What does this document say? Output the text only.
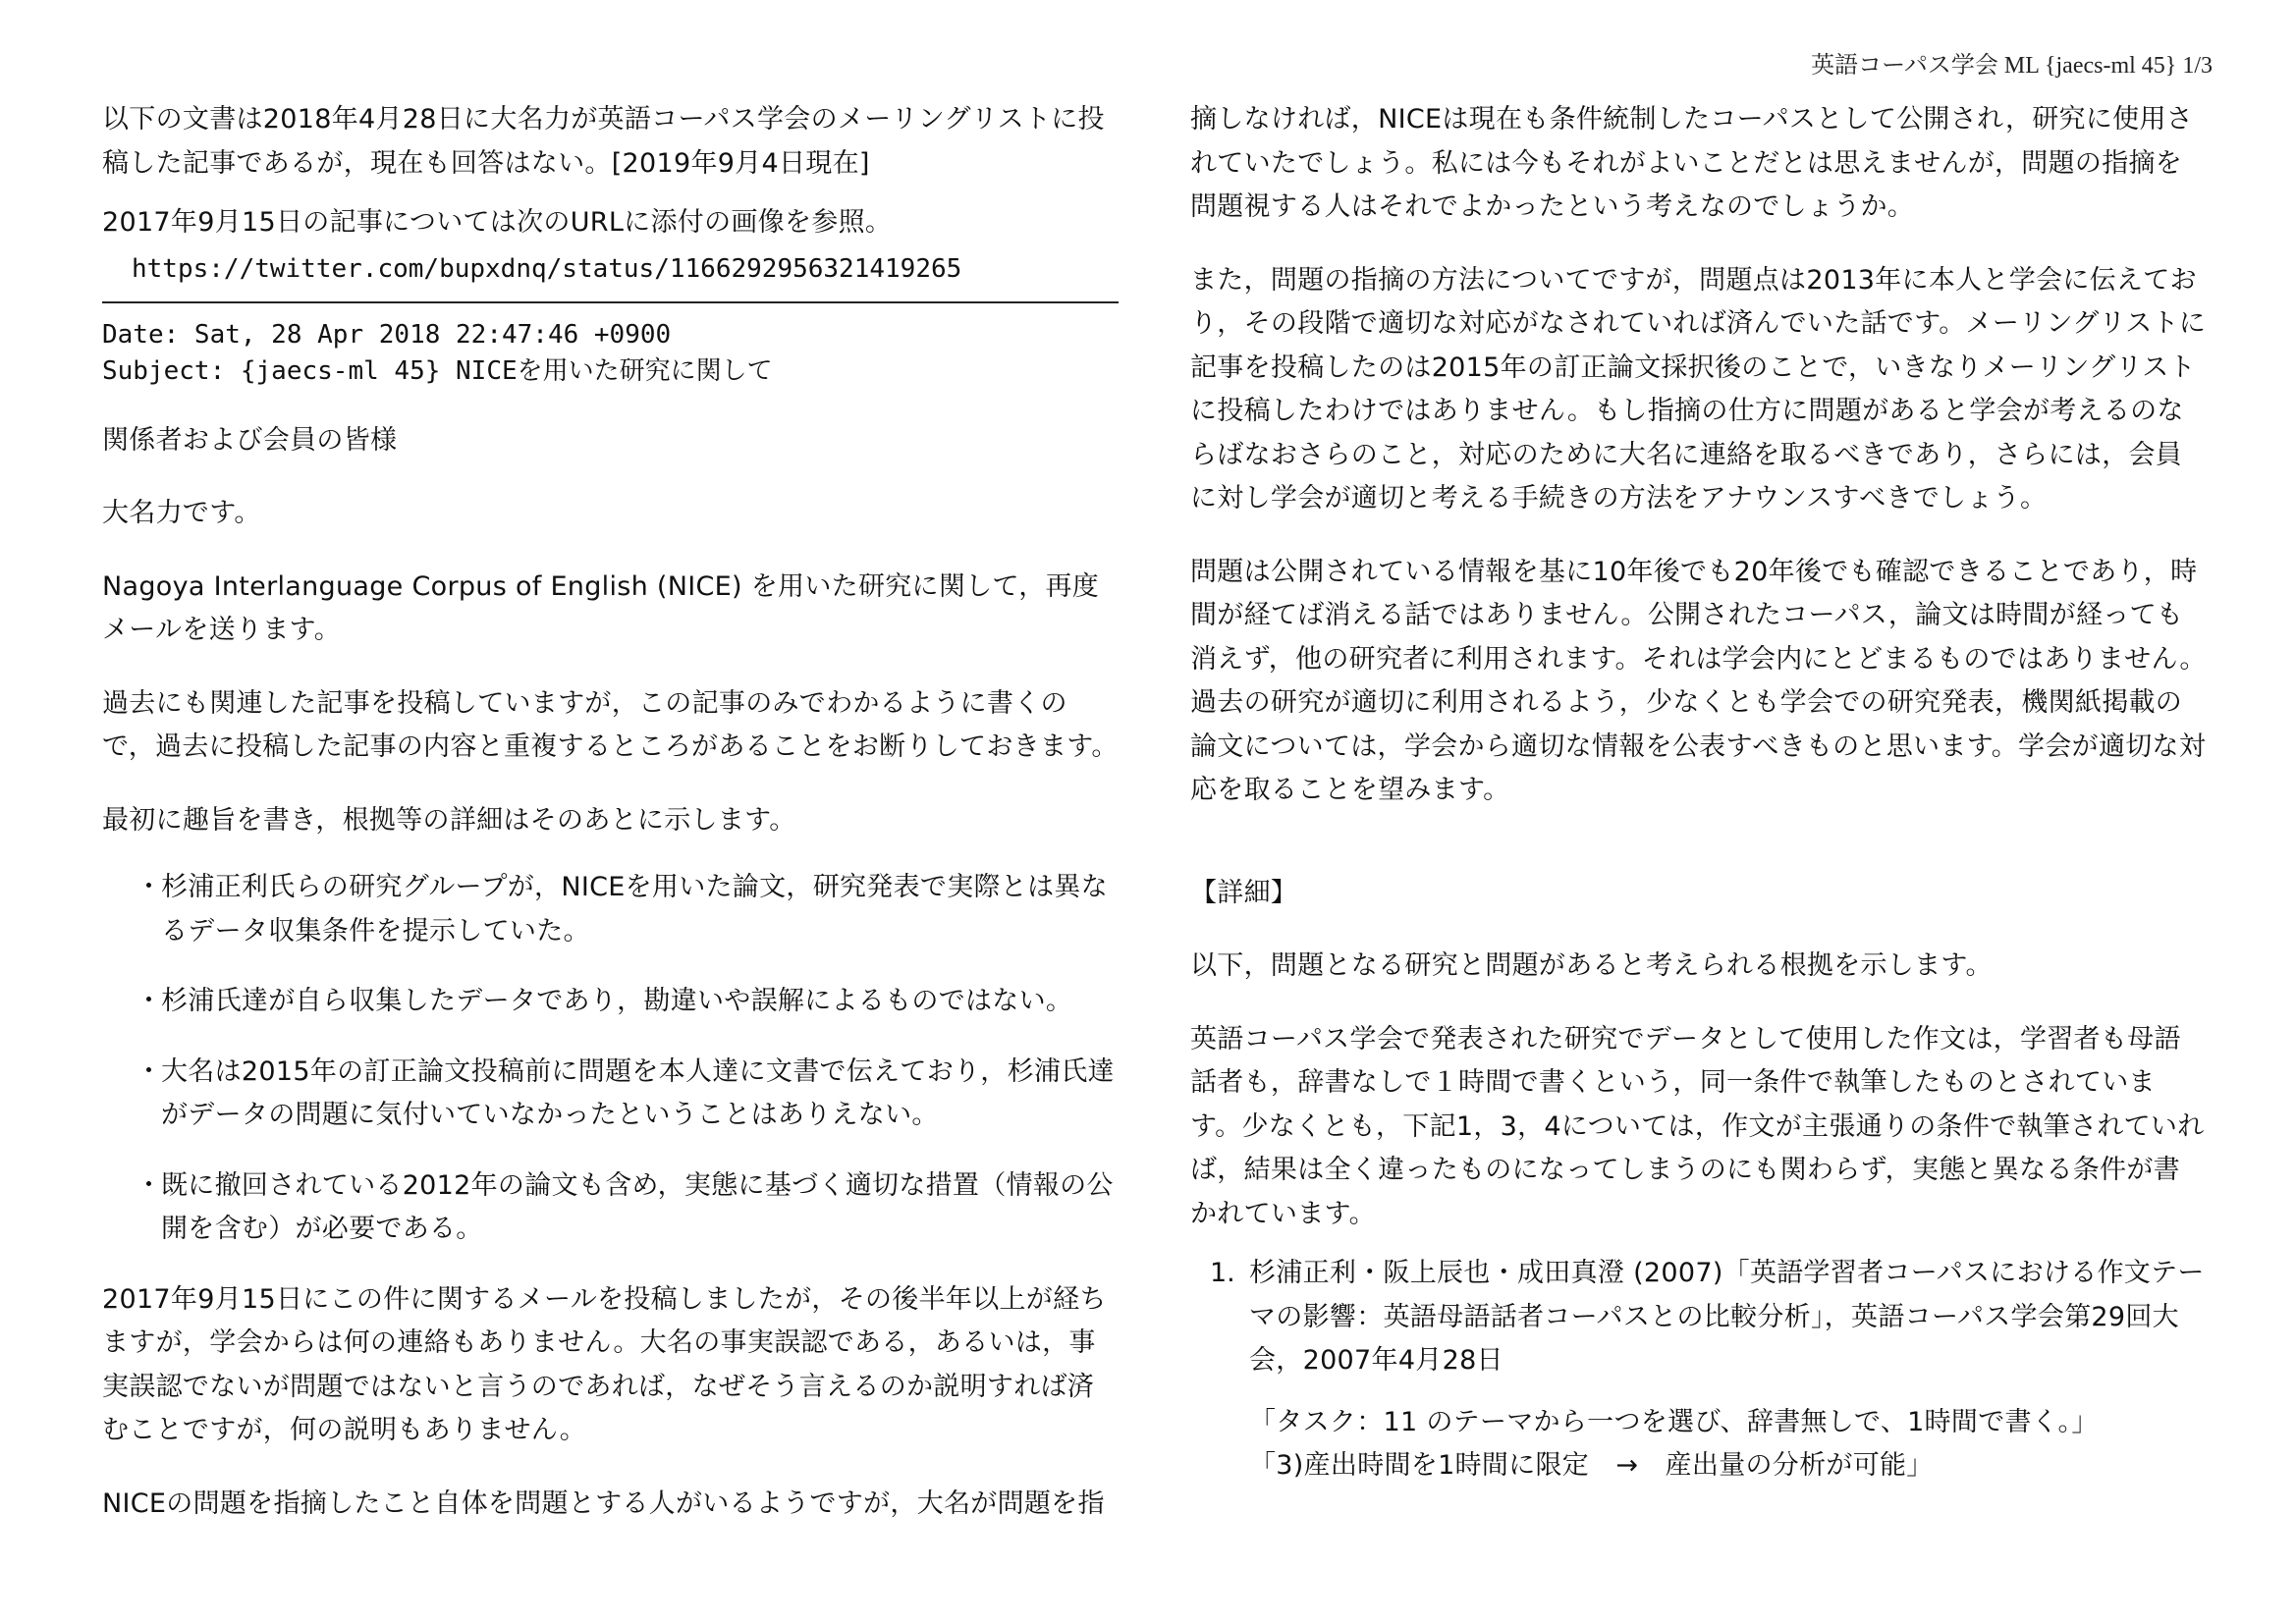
英語コーパス学会 ML {jaecs-ml 45} 1/3

以下の文書は2018年4月28日に大名力が英語コーパス学会のメーリングリストに投稿した記事であるが，現在も回答はない。[2019年9月4日現在]

2017年9月15日の記事については次のURLに添付の画像を参照。

https://twitter.com/bupxdnq/status/1166292956321419265

Date: Sat, 28 Apr 2018 22:47:46 +0900

Subject: {jaecs-ml 45} NICEを用いた研究に関して

関係者および会員の皆様

大名力です。

Nagoya Interlanguage Corpus of English (NICE) を用いた研究に関して，再度メールを送ります。

過去にも関連した記事を投稿していますが，この記事のみでわかるように書くので，過去に投稿した記事の内容と重複するところがあることをお断りしておきます。

最初に趣旨を書き，根拠等の詳細はそのあとに示します。

・ 杉浦正利氏らの研究グループが，NICEを用いた論文，研究発表で実際とは異なるデータ収集条件を提示していた。

・ 杉浦氏達が自ら収集したデータであり，勘違いや誤解によるものではない。

・ 大名は2015年の訂正論文投稿前に問題を本人達に文書で伝えており，杉浦氏達がデータの問題に気付いていなかったということはありえない。

・ 既に撤回されている2012年の論文も含め，実態に基づく適切な措置（情報の公開を含む）が必要である。

2017年9月15日にこの件に関するメールを投稿しましたが，その後半年以上が経ちますが，学会からは何の連絡もありません。大名の事実誤認である，あるいは，事実誤認でないが問題ではないと言うのであれば，なぜそう言えるのか説明すれば済むことですが，何の説明もありません。

NICEの問題を指摘したこと自体を問題とする人がいるようですが，大名が問題を指

摘しなければ，NICEは現在も条件統制したコーパスとして公開され，研究に使用されていたでしょう。私には今もそれがよいことだとは思えませんが，問題の指摘を問題視する人はそれでよかったという考えなのでしょうか。

また，問題の指摘の方法についてですが，問題点は2013年に本人と学会に伝えており，その段階で適切な対応がなされていれば済んでいた話です。メーリングリストに記事を投稿したのは2015年の訂正論文採択後のことで，いきなりメーリングリストに投稿したわけではありません。もし指摘の仕方に問題があると学会が考えるのならばなおさらのこと，対応のために大名に連絡を取るべきであり，さらには，会員に対し学会が適切と考える手続きの方法をアナウンスすべきでしょう。

問題は公開されている情報を基に10年後でも20年後でも確認できることであり，時間が経てば消える話ではありません。公開されたコーパス，論文は時間が経っても消えず，他の研究者に利用されます。それは学会内にとどまるものではありません。過去の研究が適切に利用されるよう，少なくとも学会での研究発表，機関紙掲載の論文については，学会から適切な情報を公表すべきものと思います。学会が適切な対応を取ることを望みます。

【詳細】

以下，問題となる研究と問題があると考えられる根拠を示します。

英語コーパス学会で発表された研究でデータとして使用した作文は，学習者も母語話者も，辞書なしで１時間で書くという，同一条件で執筆したものとされています。少なくとも，下記1，3，4については，作文が主張通りの条件で執筆されていれば，結果は全く違ったものになってしまうのにも関わらず，実態と異なる条件が書かれています。

1. 杉浦正利・阪上辰也・成田真澄 (2007)「英語学習者コーパスにおける作文テーマの影響：英語母語話者コーパスとの比較分析」，英語コーパス学会第29回大会，2007年4月28日

「タスク：11 のテーマから一つを選び、辞書無しで、1時間で書く。」

「3)産出時間を1時間に限定　→　産出量の分析が可能」
